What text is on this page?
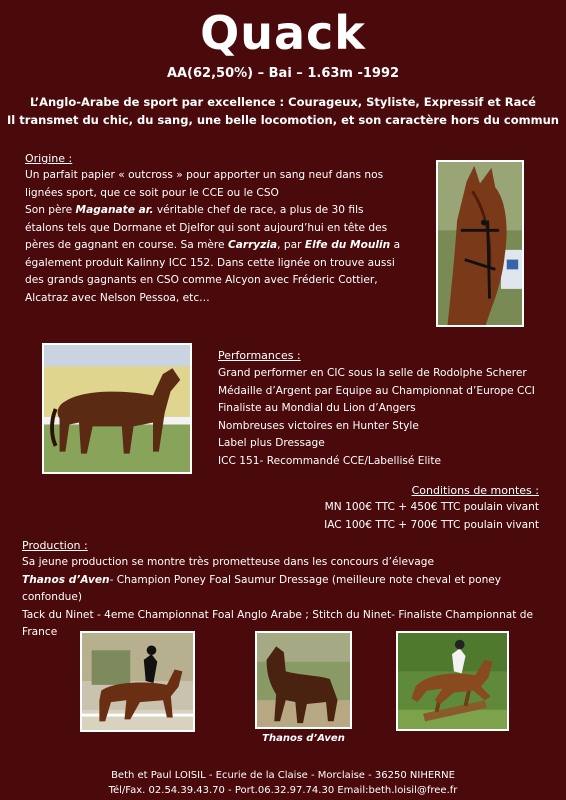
Quack
AA(62,50%) – Bai – 1.63m -1992
L’Anglo-Arabe de sport par excellence : Courageux, Styliste, Expressif et Racé
Il transmet du chic, du sang, une belle locomotion, et son caractère hors du commun
Origine :

Un parfait papier « outcross » pour apporter un sang neuf dans nos

lignées sport, que ce soit pour le CCE ou le CSO

Son père Maganate ar. véritable chef de race, a plus de 30 fils

étalons tels que Dormane et Djelfor qui sont aujourd’hui en tête des

pères de gagnant en course. Sa mère Carryzia, par Elfe du Moulin a

également produit Kalinny ICC 152. Dans cette lignée on trouve aussi

des grands gagnants en CSO comme Alcyon avec Fréderic Cottier,

Alcatraz avec Nelson Pessoa, etc…

Performances :

Grand performer en CIC sous la selle de Rodolphe Scherer

Médaille d’Argent par Equipe au Championnat d’Europe CCI

Finaliste au Mondial du Lion d’Angers

Nombreuses victoires en Hunter Style

Label plus Dressage

ICC 151- Recommandé CCE/Labellisé Elite

Conditions de montes :

MN 100€ TTC + 450€ TTC poulain vivant

IAC 100€ TTC + 700€ TTC poulain vivant

Production :

Sa jeune production se montre très prometteuse dans les concours d’élevage

Thanos d’Aven- Champion Poney Foal Saumur Dressage (meilleure note cheval et poney confondue)

Tack du Ninet - 4eme Championnat Foal Anglo Arabe ; Stitch du Ninet- Finaliste Championnat de

France

Thanos d’Aven
Beth et Paul LOISIL - Ecurie de la Claise - Morclaise - 36250 NIHERNE
Tél/Fax. 02.54.39.43.70 - Port.06.32.97.74.30 Email:beth.loisil@free.fr
